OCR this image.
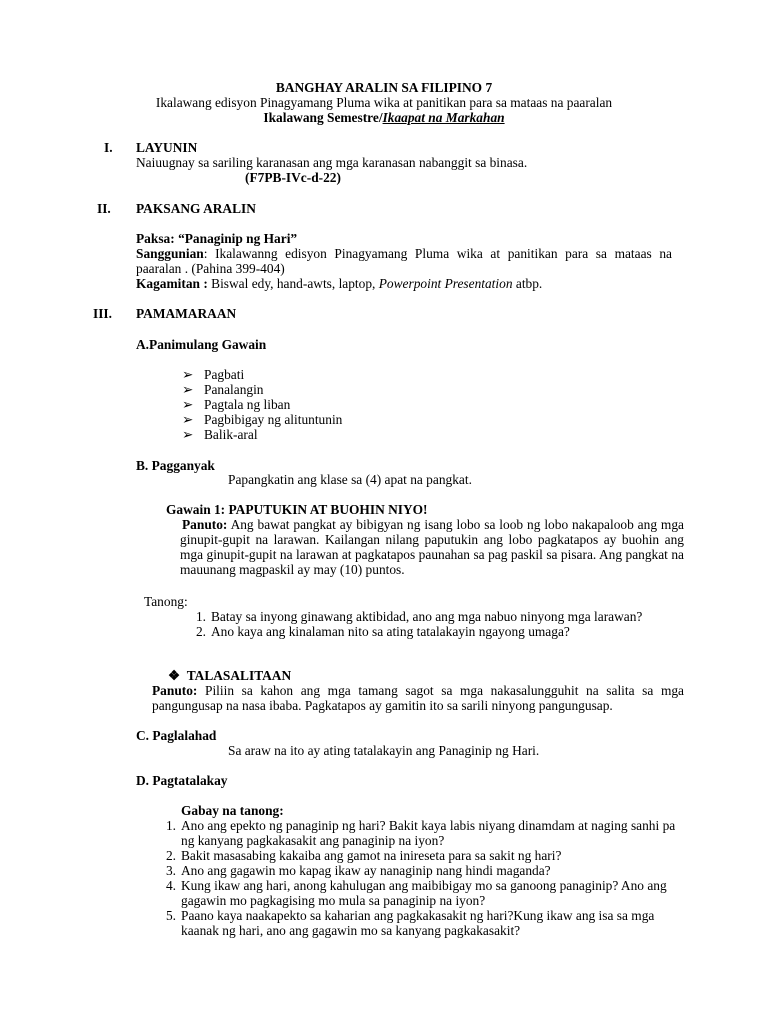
BANGHAY ARALIN SA FILIPINO 7
Ikalawang edisyon Pinagyamang Pluma wika at panitikan para sa mataas na paaralan
Ikalawang Semestre/Ikaapat na Markahan
I. LAYUNIN
Naiuugnay sa sariling karanasan ang mga karanasan nabanggit sa binasa.
(F7PB-IVc-d-22)
II. PAKSANG ARALIN
Paksa: “Panaginip ng Hari”
Sanggunian: Ikalawanng edisyon Pinagyamang Pluma wika at panitikan para sa mataas na paaralan . (Pahina 399-404)
Kagamitan : Biswal edy, hand-awts, laptop, Powerpoint Presentation atbp.
III. PAMAMARAAN
A.Panimulang Gawain
➢ Pagbati
➢ Panalangin
➢ Pagtala ng liban
➢ Pagbibigay ng alituntunin
➢ Balik-aral
B. Pagganyak
Papangkatin ang klase sa (4) apat na pangkat.
Gawain 1: PAPUTUKIN AT BUOHIN NIYO!
Panuto: Ang bawat pangkat ay bibigyan ng isang lobo sa loob ng lobo nakapaloob ang mga ginupit-gupit na larawan. Kailangan nilang paputukin ang lobo pagkatapos ay buohin ang mga ginupit-gupit na larawan at pagkatapos paunahan sa pag paskil sa pisara. Ang pangkat na mauunang magpaskil ay may (10) puntos.
Tanong:
1. Batay sa inyong ginawang aktibidad, ano ang mga nabuo ninyong mga larawan?
2. Ano kaya ang kinalaman nito sa ating tatalakayin ngayong umaga?
❖ TALASALITAAN
Panuto: Piliin sa kahon ang mga tamang sagot sa mga nakasalungguhit na salita sa mga pangungusap na nasa ibaba. Pagkatapos ay gamitin ito sa sarili ninyong pangungusap.
C. Paglalahad
Sa araw na ito ay ating tatalakayin ang Panaginip ng Hari.
D. Pagtatalakay
Gabay na tanong:
1. Ano ang epekto ng panaginip ng hari? Bakit kaya labis niyang dinamdam at naging sanhi pa ng kanyang pagkakasakit ang panaginip na iyon?
2. Bakit masasabing kakaiba ang gamot na inireseta para sa sakit ng hari?
3. Ano ang gagawin mo kapag ikaw ay nanaginip nang hindi maganda?
4. Kung ikaw ang hari, anong kahulugan ang maibibigay mo sa ganoong panaginip? Ano ang gagawin mo pagkagising mo mula sa panaginip na iyon?
5. Paano kaya naakapekto sa kaharian ang pagkakasakit ng hari?Kung ikaw ang isa sa mga kaanak ng hari, ano ang gagawin mo sa kanyang pagkakasakit?
